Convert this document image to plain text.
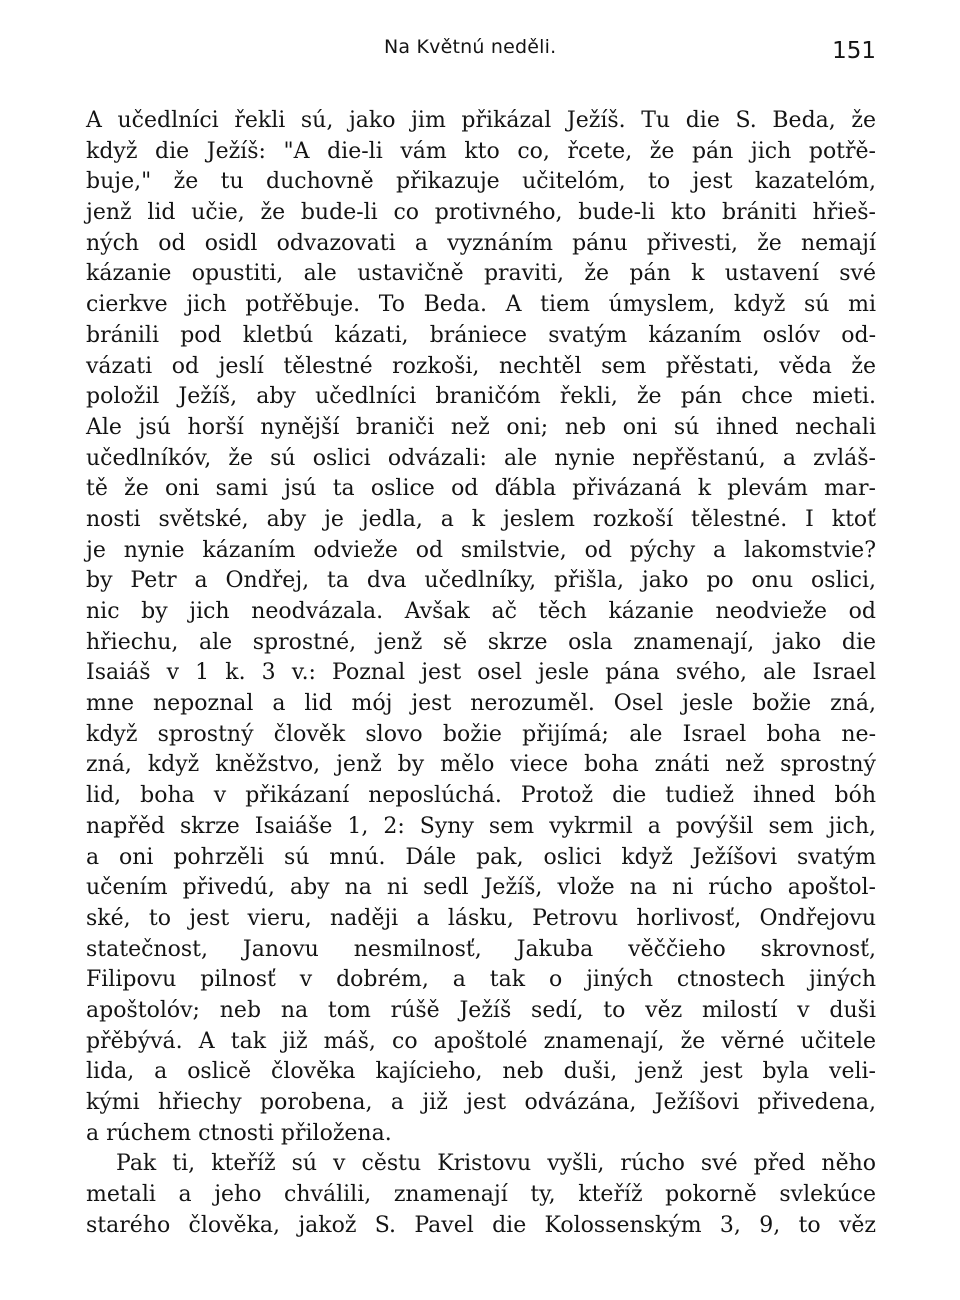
Na Květnú neděli.	151
A učedlníci řekli sú, jako jim přikázal Ježíš. Tu die S. Beda, že
když die Ježíš: "A die-li vám kto co, řcete, že pán jich potřě-
buje," že tu duchovně přikazuje učitelóm, to jest kazatelóm,
jenž lid učie, že bude-li co protivného, bude-li kto brániti hřieš-
ných od osidl odvazovati a vyznáním pánu přivesti, že nemají
kázanie opustiti, ale ustavičně praviti, že pán k ustavení své
cierkve jich potřěbuje. To Beda. A tiem úmyslem, když sú mi
bránili pod kletbú kázati, brániece svatým kázaním oslóv od-
vázati od jeslí tělestné rozkoši, nechtěl sem přěstati, věda že
položil Ježíš, aby učedlníci braničóm řekli, že pán chce mieti.
Ale jsú horší nynější braniči než oni; neb oni sú ihned nechali
učedlníkóv, že sú oslici odvázali: ale nynie nepřěstanú, a zvláš-
tě že oni sami jsú ta oslice od ďábla přivázaná k plevám mar-
nosti světské, aby je jedla, a k jeslem rozkoší tělestné. I ktoť
je nynie kázaním odvieže od smilstvie, od pýchy a lakomstvie?
by Petr a Ondřej, ta dva učedlníky, přišla, jako po onu oslici,
nic by jich neodvázala. Avšak ač těch kázanie neodvieže od
hřiechu, ale sprostné, jenž sě skrze osla znamenají, jako die
Isaiáš v 1 k. 3 v.: Poznal jest osel jesle pána svého, ale Israel
mne nepoznal a lid mój jest nerozuměl. Osel jesle božie zná,
když sprostný člověk slovo božie přijímá; ale Israel boha ne-
zná, když kněžstvo, jenž by mělo viece boha znáti než sprostný
lid, boha v přikázaní neposlúchá. Protož die tudiež ihned bóh
napřěd skrze Isaiáše 1, 2: Syny sem vykrmil a povýšil sem jich,
a oni pohrzěli sú mnú. Dále pak, oslici když Ježíšovi svatým
učením přivedú, aby na ni sedl Ježíš, vlože na ni rúcho apoštol-
ské, to jest vieru, naději a lásku, Petrovu horlivosť, Ondřejovu
statečnost, Janovu nesmilnosť, Jakuba věččieho skrovnosť,
Filipovu pilnosť v dobrém, a tak o jiných ctnostech jiných
apoštolóv; neb na tom rúšě Ježíš sedí, to věz milostí v duši
přěbývá. A tak již máš, co apoštolé znamenají, že věrné učitele
lida, a oslicě člověka kajícieho, neb duši, jenž jest byla veli-
kými hřiechy porobena, a již jest odvázána, Ježíšovi přivedena,
a rúchem ctnosti přiložena.
Pak ti, kteříž sú v cěstu Kristovu vyšli, rúcho své před něho
metali a jeho chválili, znamenají ty, kteříž pokorně svlekúce
starého člověka, jakož S. Pavel die Kolossenským 3, 9, to věz
